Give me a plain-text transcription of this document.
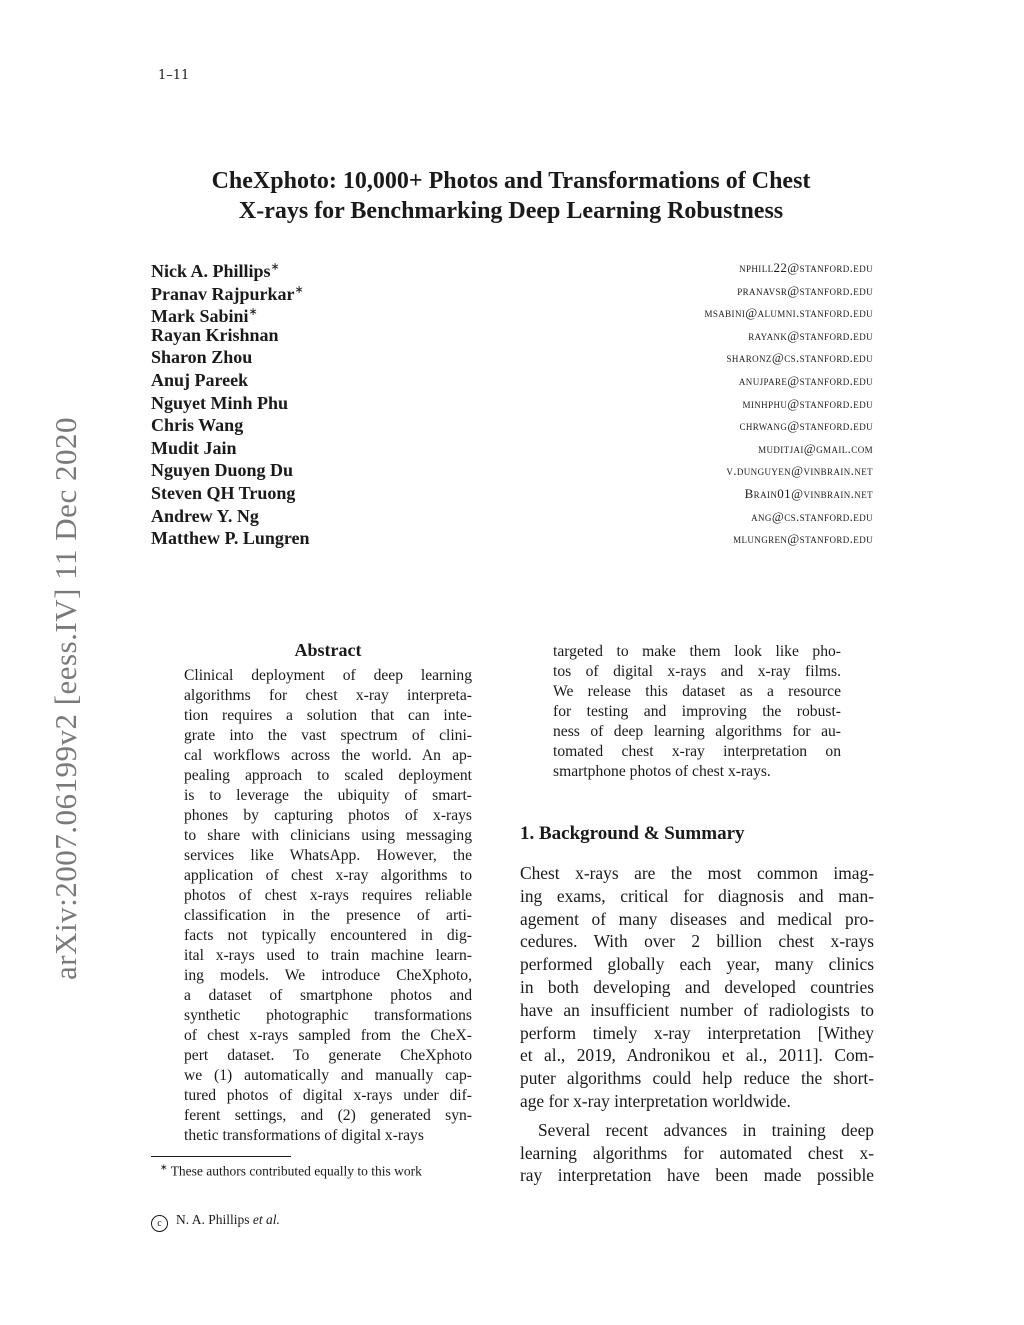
1–11
arXiv:2007.06199v2 [eess.IV] 11 Dec 2020
CheXphoto: 10,000+ Photos and Transformations of Chest
X-rays for Benchmarking Deep Learning Robustness
Nick A. Phillips∗	nphill22@stanford.edu
Pranav Rajpurkar∗	pranavsr@stanford.edu
Mark Sabini∗	msabini@alumni.stanford.edu
Rayan Krishnan	rayank@stanford.edu
Sharon Zhou	sharonz@cs.stanford.edu
Anuj Pareek	anujpare@stanford.edu
Nguyet Minh Phu	minhphu@stanford.edu
Chris Wang	chrwang@stanford.edu
Mudit Jain	muditjai@gmail.com
Nguyen Duong Du	v.dunguyen@vinbrain.net
Steven QH Truong	Brain01@vinbrain.net
Andrew Y. Ng	ang@cs.stanford.edu
Matthew P. Lungren	mlungren@stanford.edu
Abstract
Clinical deployment of deep learning
algorithms for chest x-ray interpreta-
tion requires a solution that can inte-
grate into the vast spectrum of clini-
cal workflows across the world. An ap-
pealing approach to scaled deployment
is to leverage the ubiquity of smart-
phones by capturing photos of x-rays
to share with clinicians using messaging
services like WhatsApp. However, the
application of chest x-ray algorithms to
photos of chest x-rays requires reliable
classification in the presence of arti-
facts not typically encountered in dig-
ital x-rays used to train machine learn-
ing models. We introduce CheXphoto,
a dataset of smartphone photos and
synthetic photographic transformations
of chest x-rays sampled from the CheX-
pert dataset. To generate CheXphoto
we (1) automatically and manually cap-
tured photos of digital x-rays under dif-
ferent settings, and (2) generated syn-
thetic transformations of digital x-rays
targeted to make them look like pho-
tos of digital x-rays and x-ray films.
We release this dataset as a resource
for testing and improving the robust-
ness of deep learning algorithms for au-
tomated chest x-ray interpretation on
smartphone photos of chest x-rays.
1. Background & Summary
Chest x-rays are the most common imag-
ing exams, critical for diagnosis and man-
agement of many diseases and medical pro-
cedures. With over 2 billion chest x-rays
performed globally each year, many clinics
in both developing and developed countries
have an insufficient number of radiologists to
perform timely x-ray interpretation [Withey
et al., 2019, Andronikou et al., 2011]. Com-
puter algorithms could help reduce the short-
age for x-ray interpretation worldwide.
Several recent advances in training deep
learning algorithms for automated chest x-
ray interpretation have been made possible
∗ These authors contributed equally to this work
c N. A. Phillips et al.
